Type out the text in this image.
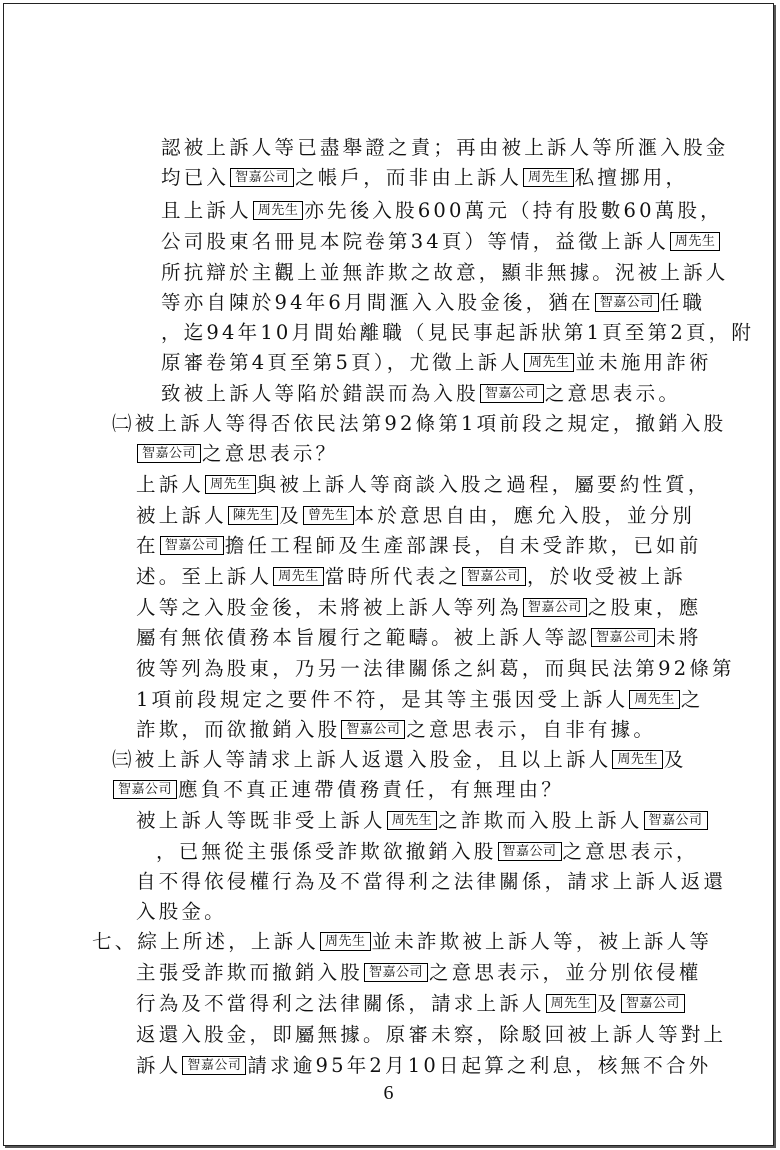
認被上訴人等已盡舉證之責；再由被上訴人等所滙入股金
均已入 智嘉公司 之帳戶，而非由上訴人 周先生 私擅挪用，
且上訴人 周先生 亦先後入股600萬元（持有股數60萬股，
公司股東名冊見本院卷第34頁）等情，益徵上訴人 周先生
所抗辯於主觀上並無詐欺之故意，顯非無據。況被上訴人
等亦自陳於94年6月間滙入入股金後，猶在 智嘉公司 任職
，迄94年10月間始離職（見民事起訴狀第1頁至第2頁，附
原審卷第4頁至第5頁），尤徵上訴人 周先生 並未施用詐術
致被上訴人等陷於錯誤而為入股 智嘉公司 之意思表示。
㈡被上訴人等得否依民法第92條第1項前段之規定，撤銷入股
智嘉公司 之意思表示？
上訴人 周先生 與被上訴人等商談入股之過程，屬要約性質，
被上訴人 陳先生 及 曾先生 本於意思自由，應允入股，並分別
在 智嘉公司 擔任工程師及生產部課長，自未受詐欺，已如前
述。至上訴人 周先生 當時所代表之 智嘉公司 ，於收受被上訴
人等之入股金後，未將被上訴人等列為 智嘉公司 之股東，應
屬有無依債務本旨履行之範疇。被上訴人等認 智嘉公司 未將
彼等列為股東，乃另一法律關係之糾葛，而與民法第92條第
1項前段規定之要件不符，是其等主張因受上訴人 周先生 之
詐欺，而欲撤銷入股 智嘉公司 之意思表示，自非有據。
㈢被上訴人等請求上訴人返還入股金，且以上訴人 周先生 及
智嘉公司 應負不真正連帶債務責任，有無理由？
被上訴人等既非受上訴人 周先生 之詐欺而入股上訴人 智嘉公司
，已無從主張係受詐欺欲撤銷入股 智嘉公司 之意思表示，
自不得依侵權行為及不當得利之法律關係，請求上訴人返還
入股金。
七、綜上所述，上訴人 周先生 並未詐欺被上訴人等，被上訴人等
主張受詐欺而撤銷入股 智嘉公司 之意思表示，並分別依侵權
行為及不當得利之法律關係，請求上訴人 周先生 及 智嘉公司
返還入股金，即屬無據。原審未察，除駁回被上訴人等對上
訴人 智嘉公司 請求逾95年2月10日起算之利息，核無不合外
6
